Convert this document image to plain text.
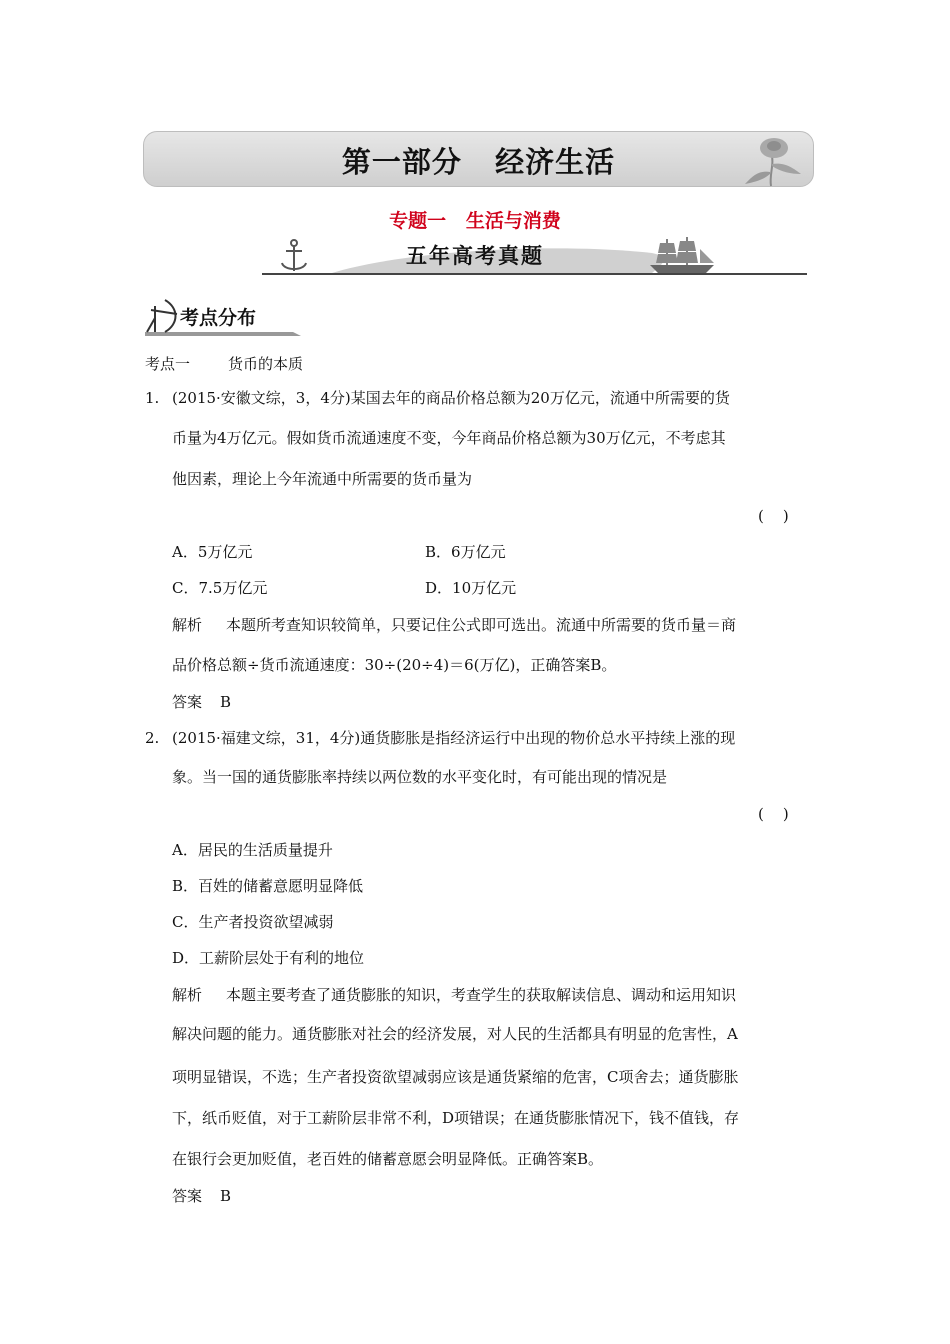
第一部分   经济生活
专题一   生活与消费
五年高考真题
考点分布
考点一	货币的本质
1. (2015·安徽文综，3，4分)某国去年的商品价格总额为20万亿元，流通中所需要的货
币量为4万亿元。假如货币流通速度不变，今年商品价格总额为30万亿元，不考虑其
他因素，理论上今年流通中所需要的货币量为
(    )
A．5万亿元	B．6万亿元
C．7.5万亿元	D．10万亿元
解析 本题所考查知识较简单，只要记住公式即可选出。流通中所需要的货币量＝商
品价格总额÷货币流通速度：30÷(20÷4)＝6(万亿)，正确答案B。
答案 B
2. (2015·福建文综，31，4分)通货膨胀是指经济运行中出现的物价总水平持续上涨的现
象。当一国的通货膨胀率持续以两位数的水平变化时，有可能出现的情况是
(    )
A．居民的生活质量提升
B．百姓的储蓄意愿明显降低
C．生产者投资欲望减弱
D．工薪阶层处于有利的地位
解析 本题主要考查了通货膨胀的知识，考查学生的获取解读信息、调动和运用知识
解决问题的能力。通货膨胀对社会的经济发展，对人民的生活都具有明显的危害性，A
项明显错误，不选；生产者投资欲望减弱应该是通货紧缩的危害，C项舍去；通货膨胀
下，纸币贬值，对于工薪阶层非常不利，D项错误；在通货膨胀情况下，钱不值钱，存
在银行会更加贬值，老百姓的储蓄意愿会明显降低。正确答案B。
答案 B
